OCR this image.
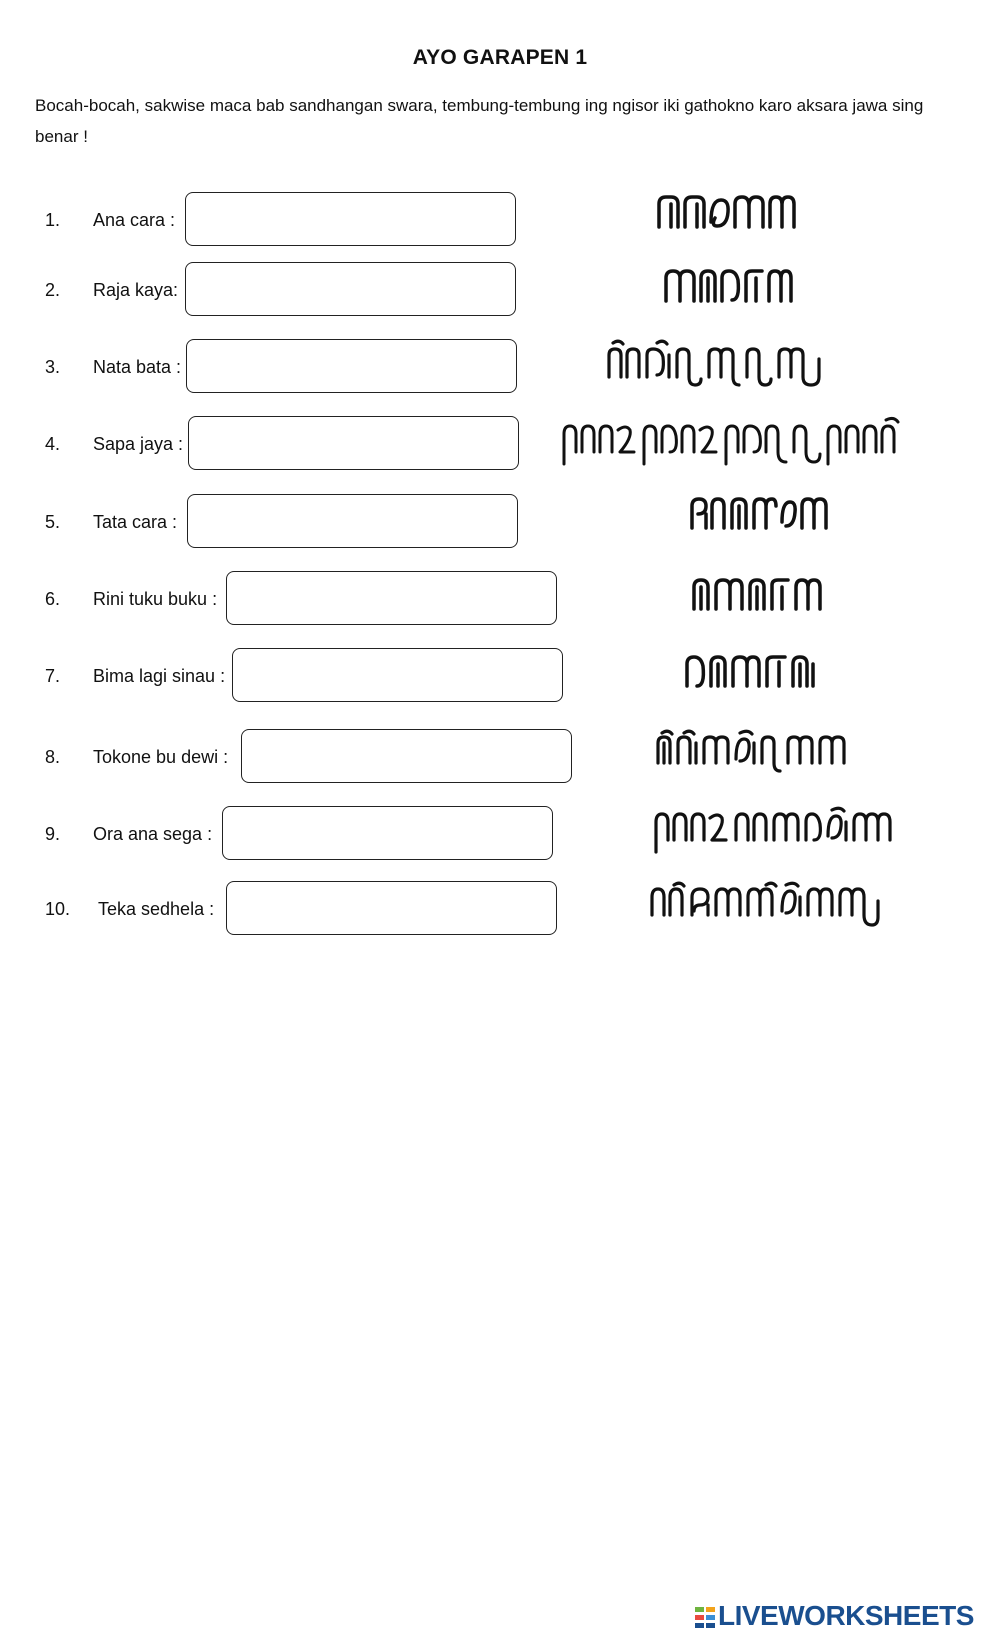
AYO GARAPEN 1
Bocah-bocah, sakwise maca bab sandhangan swara, tembung-tembung ing ngisor iki gathokno karo aksara jawa sing benar !
1. Ana cara :
2. Raja kaya:
3. Nata bata :
4. Sapa jaya :
5. Tata cara :
6. Rini tuku buku :
7. Bima lagi sinau :
8. Tokone bu dewi :
9. Ora ana sega :
10. Teka sedhela :
LIVEWORKSHEETS
